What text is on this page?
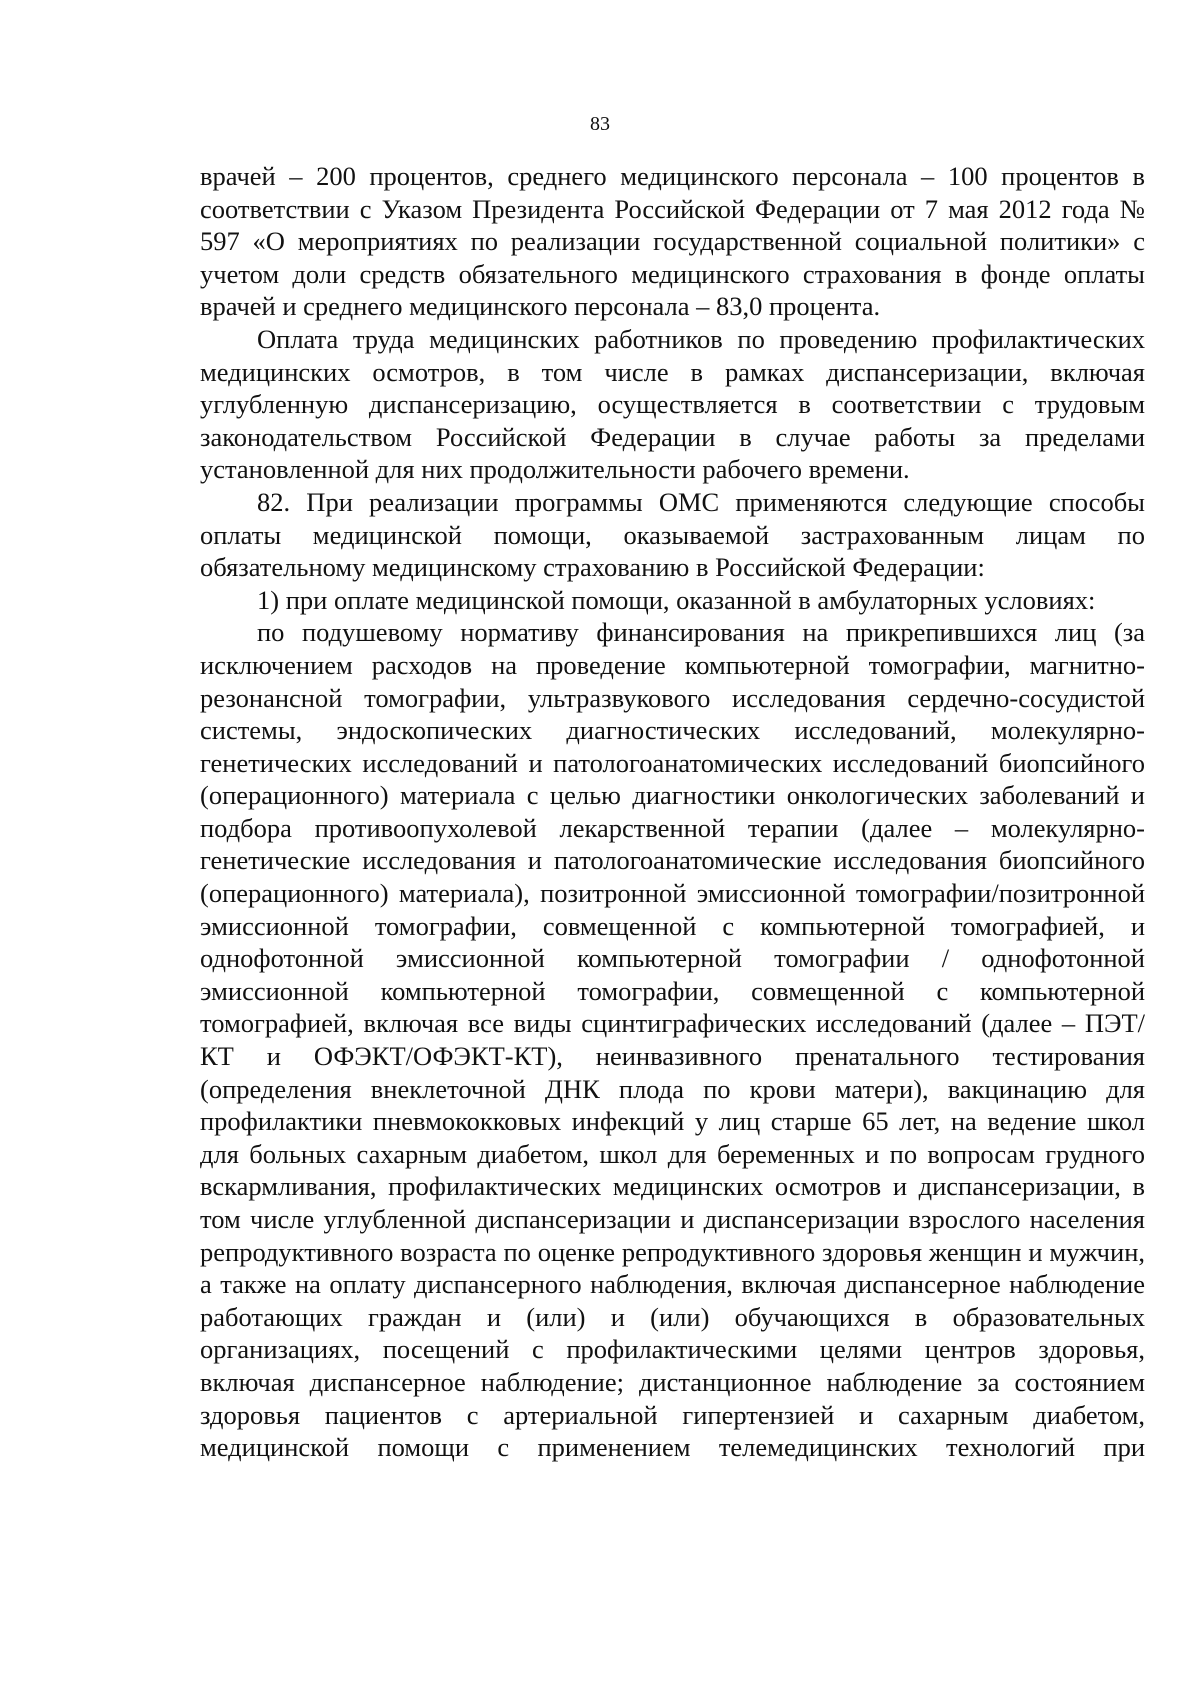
83

врачей – 200 процентов, среднего медицинского персонала – 100 процентов в соответствии с Указом Президента Российской Федерации от 7 мая 2012 года № 597 «О мероприятиях по реализации государственной социальной политики» с учетом доли средств обязательного медицинского страхования в фонде оплаты врачей и среднего медицинского персонала – 83,0 процента.

Оплата труда медицинских работников по проведению профилактических медицинских осмотров, в том числе в рамках диспансеризации, включая углубленную диспансеризацию, осуществляется в соответствии с трудовым законодательством Российской Федерации в случае работы за пределами установленной для них продолжительности рабочего времени.

82. При реализации программы ОМС применяются следующие способы оплаты медицинской помощи, оказываемой застрахованным лицам по обязательному медицинскому страхованию в Российской Федерации:

1) при оплате медицинской помощи, оказанной в амбулаторных условиях:

по подушевому нормативу финансирования на прикрепившихся лиц (за исключением расходов на проведение компьютерной томографии, магнитно-резонансной томографии, ультразвукового исследования сердечно-сосудистой системы, эндоскопических диагностических исследований, молекулярно-генетических исследований и патологоанатомических исследований биопсийного (операционного) материала с целью диагностики онкологических заболеваний и подбора противоопухолевой лекарственной терапии (далее – молекулярно-генетические исследования и патологоанатомические исследования биопсийного (операционного) материала), позитронной эмиссионной томографии/позитронной эмиссионной томографии, совмещенной с компьютерной томографией, и однофотонной эмиссионной компьютерной томографии / однофотонной эмиссионной компьютерной томографии, совмещенной с компьютерной томографией, включая все виды сцинтиграфических исследований (далее – ПЭТ/КТ и ОФЭКТ/ОФЭКТ-КТ), неинвазивного пренатального тестирования (определения внеклеточной ДНК плода по крови матери), вакцинацию для профилактики пневмококковых инфекций у лиц старше 65 лет, на ведение школ для больных сахарным диабетом, школ для беременных и по вопросам грудного вскармливания, профилактических медицинских осмотров и диспансеризации, в том числе углубленной диспансеризации и диспансеризации взрослого населения репродуктивного возраста по оценке репродуктивного здоровья женщин и мужчин, а также на оплату диспансерного наблюдения, включая диспансерное наблюдение работающих граждан и (или) и (или) обучающихся в образовательных организациях, посещений с профилактическими целями центров здоровья, включая диспансерное наблюдение; дистанционное наблюдение за состоянием здоровья пациентов с артериальной гипертензией и сахарным диабетом, медицинской помощи с применением телемедицинских технологий при
